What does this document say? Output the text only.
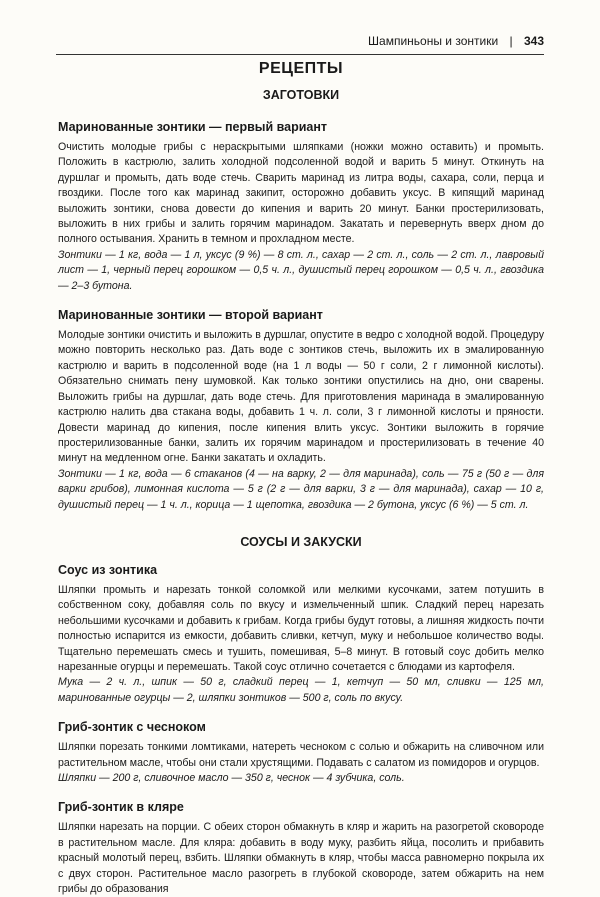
Шампиньоны и зонтики | 343
РЕЦЕПТЫ
ЗАГОТОВКИ
Маринованные зонтики — первый вариант

Очистить молодые грибы с нераскрытыми шляпками (ножки можно оставить) и промыть. Положить в кастрюлю, залить холодной подсоленной водой и варить 5 минут. Откинуть на дуршлаг и промыть, дать воде стечь. Сварить маринад из литра воды, сахара, соли, перца и гвоздики. После того как маринад закипит, осторожно добавить уксус. В кипящий маринад выложить зонтики, снова довести до кипения и варить 20 минут. Банки простерилизовать, выложить в них грибы и залить горячим маринадом. Закатать и перевернуть вверх дном до полного остывания. Хранить в темном и прохладном месте.

Зонтики — 1 кг, вода — 1 л, уксус (9 %) — 8 ст. л., сахар — 2 ст. л., соль — 2 ст. л., лавровый лист — 1, черный перец горошком — 0,5 ч. л., душистый перец горошком — 0,5 ч. л., гвоздика — 2–3 бутона.

Маринованные зонтики — второй вариант

Молодые зонтики очистить и выложить в дуршлаг, опустите в ведро с холодной водой. Процедуру можно повторить несколько раз. Дать воде с зонтиков стечь, выложить их в эмалированную кастрюлю и варить в подсоленной воде (на 1 л воды — 50 г соли, 2 г лимонной кислоты). Обязательно снимать пену шумовкой. Как только зонтики опустились на дно, они сварены. Выложить грибы на дуршлаг, дать воде стечь. Для приготовления маринада в эмалированную кастрюлю налить два стакана воды, добавить 1 ч. л. соли, 3 г лимонной кислоты и пряности. Довести маринад до кипения, после кипения влить уксус. Зонтики выложить в горячие простерилизованные банки, залить их горячим маринадом и простерилизовать в течение 40 минут на медленном огне. Банки закатать и охладить.

Зонтики — 1 кг, вода — 6 стаканов (4 — на варку, 2 — для маринада), соль — 75 г (50 г — для варки грибов), лимонная кислота — 5 г (2 г — для варки, 3 г — для маринада), сахар — 10 г, душистый перец — 1 ч. л., корица — 1 щепотка, гвоздика — 2 бутона, уксус (6 %) — 5 ст. л.

СОУСЫ И ЗАКУСКИ
Соус из зонтика

Шляпки промыть и нарезать тонкой соломкой или мелкими кусочками, затем потушить в собственном соку, добавляя соль по вкусу и измельченный шпик. Сладкий перец нарезать небольшими кусочками и добавить к грибам. Когда грибы будут готовы, а лишняя жидкость почти полностью испарится из емкости, добавить сливки, кетчуп, муку и небольшое количество воды. Тщательно перемешать смесь и тушить, помешивая, 5–8 минут. В готовый соус добить мелко нарезанные огурцы и перемешать. Такой соус отлично сочетается с блюдами из картофеля.

Мука — 2 ч. л., шпик — 50 г, сладкий перец — 1, кетчуп — 50 мл, сливки — 125 мл, маринованные огурцы — 2, шляпки зонтиков — 500 г, соль по вкусу.

Гриб-зонтик с чесноком

Шляпки порезать тонкими ломтиками, натереть чесноком с солью и обжарить на сливочном или растительном масле, чтобы они стали хрустящими. Подавать с салатом из помидоров и огурцов.

Шляпки — 200 г, сливочное масло — 350 г, чеснок — 4 зубчика, соль.

Гриб-зонтик в кляре

Шляпки нарезать на порции. С обеих сторон обмакнуть в кляр и жарить на разогретой сковороде в растительном масле. Для кляра: добавить в воду муку, разбить яйца, посолить и прибавить красный молотый перец, взбить. Шляпки обмакнуть в кляр, чтобы масса равномерно покрыла их с двух сторон. Растительное масло разогреть в глубокой сковороде, затем обжарить на нем грибы до образования
